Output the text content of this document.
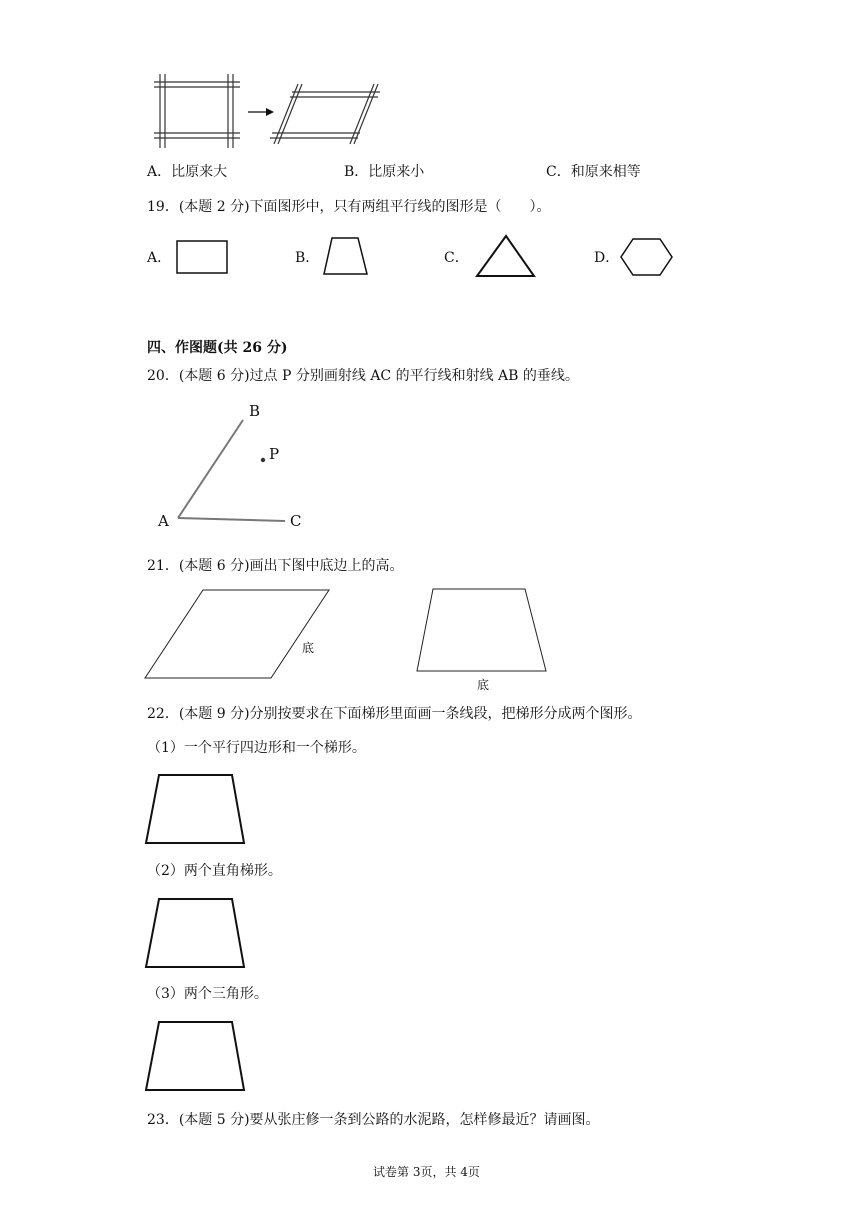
A．比原来大	B．比原来小	C．和原来相等
19．(本题 2 分)下面图形中，只有两组平行线的图形是（　　）。
A．	B．	C．	D．
四、作图题(共 26 分)
20．(本题 6 分)过点 P 分别画射线 AC 的平行线和射线 AB 的垂线。
B
P
A	C
21．(本题 6 分)画出下图中底边上的高。
底
底
22．(本题 9 分)分别按要求在下面梯形里面画一条线段，把梯形分成两个图形。
（1）一个平行四边形和一个梯形。
（2）两个直角梯形。
（3）两个三角形。
23．(本题 5 分)要从张庄修一条到公路的水泥路，怎样修最近？请画图。
试卷第 3页，共 4页
